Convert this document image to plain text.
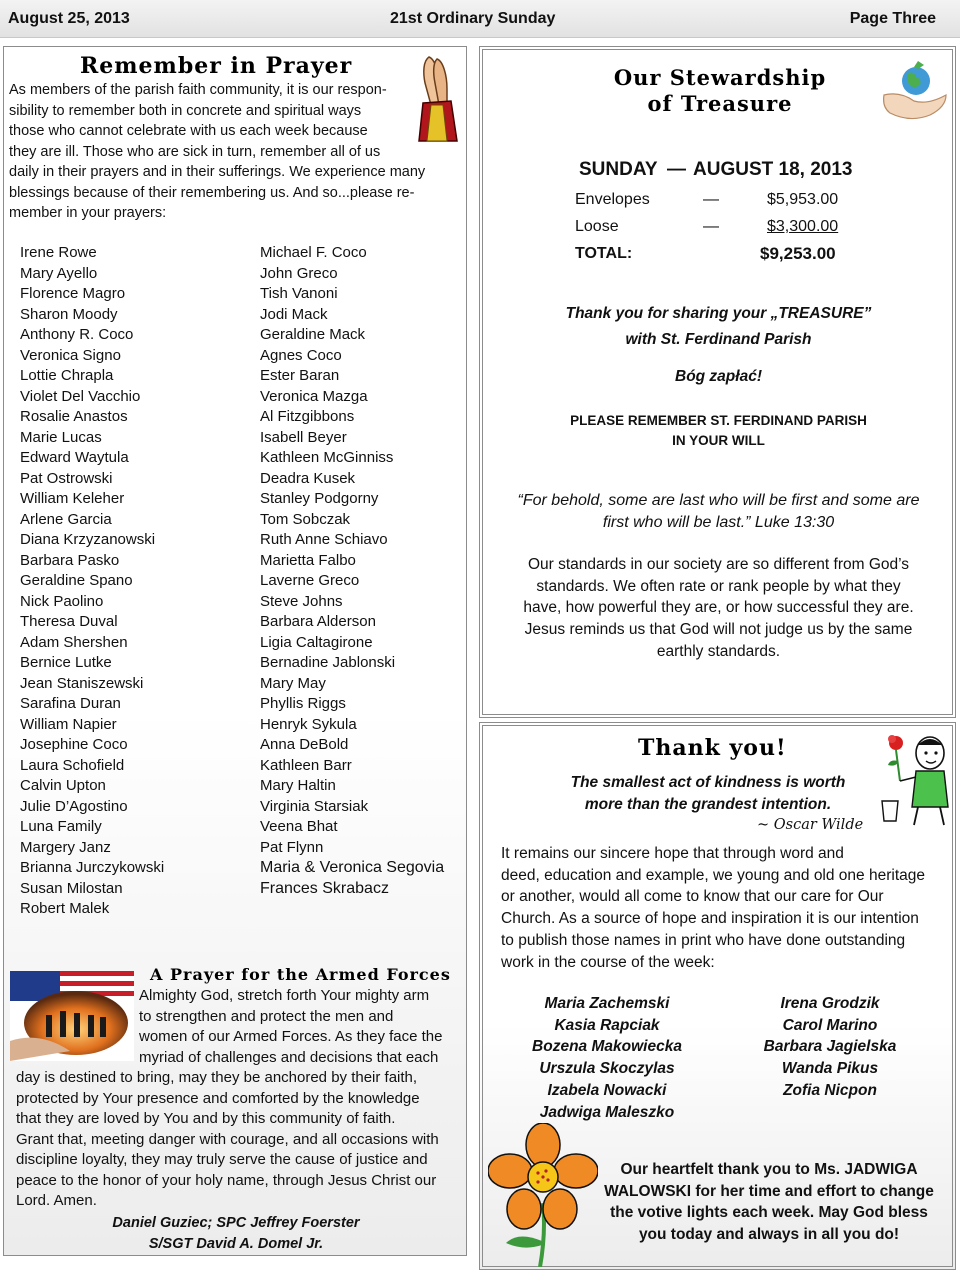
August 25, 2013	21st Ordinary Sunday	Page Three
Remember in Prayer
As members of the parish faith community, it is our respon-
sibility to remember both in concrete and spiritual ways
those who cannot celebrate with us each week because
they are ill. Those who are sick in turn, remember all of us
daily in their prayers and in their sufferings. We experience many
blessings because of their remembering us. And so...please re-
member in your prayers:
Irene Rowe
Mary Ayello
Florence Magro
Sharon Moody
Anthony R. Coco
Veronica Signo
Lottie Chrapla
Violet Del Vacchio
Rosalie Anastos
Marie Lucas
Edward Waytula
Pat Ostrowski
William Keleher
Arlene Garcia
Diana Krzyzanowski
Barbara Pasko
Geraldine Spano
Nick Paolino
Theresa Duval
Adam Shershen
Bernice Lutke
Jean Staniszewski
Sarafina Duran
William Napier
Josephine Coco
Laura Schofield
Calvin Upton
Julie D’Agostino
Luna Family
Margery Janz
Brianna Jurczykowski
Susan Milostan
Robert Malek
Michael F. Coco
John Greco
Tish Vanoni
Jodi Mack
Geraldine Mack
Agnes Coco
Ester Baran
Veronica Mazga
Al Fitzgibbons
Isabell Beyer
Kathleen McGinniss
Deadra Kusek
Stanley Podgorny
Tom Sobczak
Ruth Anne Schiavo
Marietta Falbo
Laverne Greco
Steve Johns
Barbara Alderson
Ligia Caltagirone
Bernadine Jablonski
Mary May
Phyllis Riggs
Henryk Sykula
Anna DeBold
Kathleen Barr
Mary Haltin
Virginia Starsiak
Veena Bhat
Pat Flynn
Maria & Veronica Segovia
Frances Skrabacz
A Prayer for the Armed Forces
Almighty God, stretch forth Your mighty arm
to strengthen and protect the men and
women of our Armed Forces. As they face the
myriad of challenges and decisions that each
day is destined to bring, may they be anchored by their faith,
protected by Your presence and comforted by the knowledge
that they are loved by You and by this community of faith.
Grant that, meeting danger with courage, and all occasions with
discipline loyalty, they may truly serve the cause of justice and
peace to the honor of your holy name, through Jesus Christ our
Lord. Amen.
Daniel Guziec; SPC Jeffrey Foerster
S/SGT David A. Domel Jr.
Our Stewardship
of Treasure
SUNDAY — AUGUST 18, 2013
Envelopes	—	$5,953.00
Loose	—	$3,300.00
TOTAL:	$9,253.00
Thank you for sharing your „TREASURE”
with St. Ferdinand Parish
Bóg zapłać!
PLEASE REMEMBER ST. FERDINAND PARISH
IN YOUR WILL
“For behold, some are last who will be first and some are
first who will be last.” Luke 13:30
Our standards in our society are so different from God’s
standards. We often rate or rank people by what they
have, how powerful they are, or how successful they are.
Jesus reminds us that God will not judge us by the same
earthly standards.
Thank you!
The smallest act of kindness is worth
more than the grandest intention.
~ Oscar Wilde
It remains our sincere hope that through word and
deed, education and example, we young and old one heritage
or another, would all come to know that our care for Our
Church. As a source of hope and inspiration it is our intention
to publish those names in print who have done outstanding
work in the course of the week:
Maria Zachemski
Kasia Rapciak
Bozena Makowiecka
Urszula Skoczylas
Izabela Nowacki
Jadwiga Maleszko
Irena Grodzik
Carol Marino
Barbara Jagielska
Wanda Pikus
Zofia Nicpon
Our heartfelt thank you to Ms. JADWIGA
WALOWSKI for her time and effort to change
the votive lights each week. May God bless
you today and always in all you do!
